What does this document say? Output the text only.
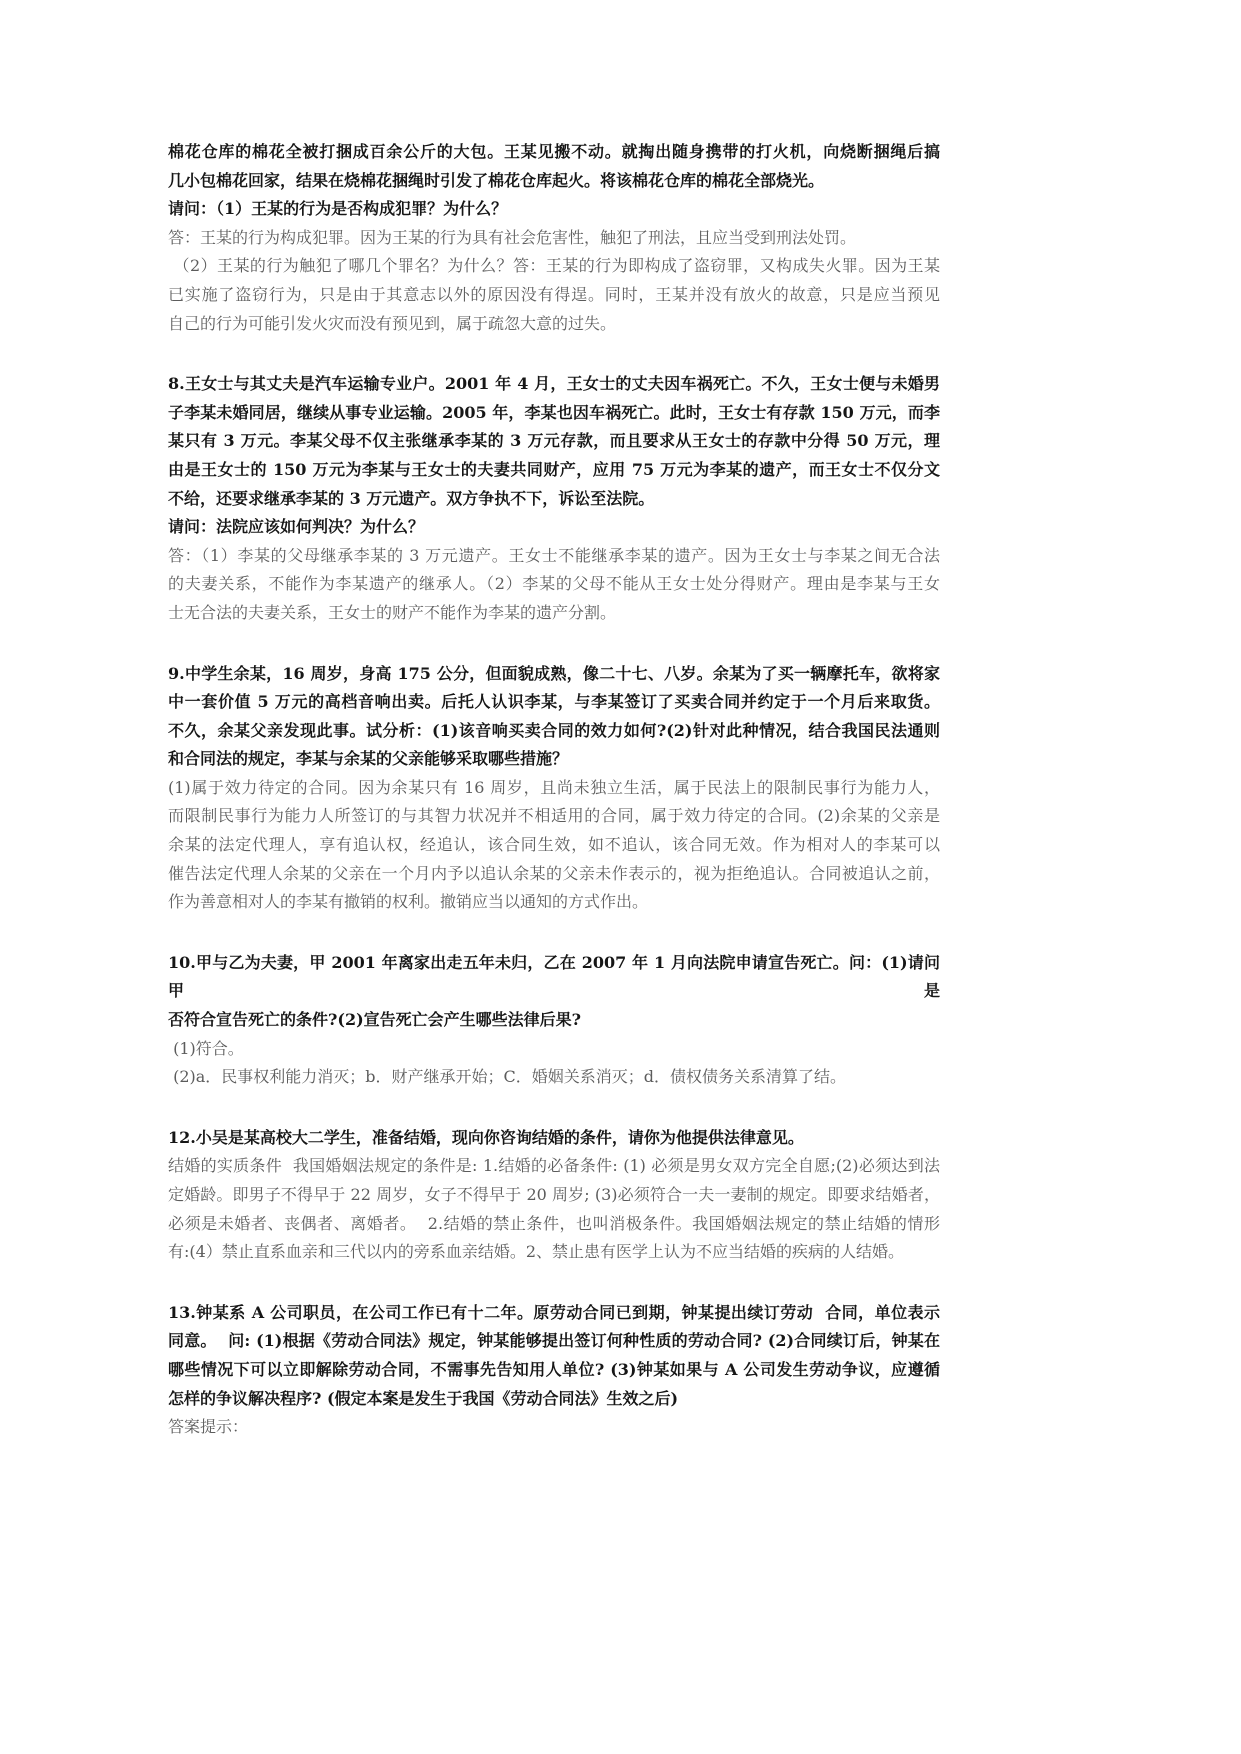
棉花仓库的棉花全被打捆成百余公斤的大包。王某见搬不动。就掏出随身携带的打火机，向烧断捆绳后搞
几小包棉花回家，结果在烧棉花捆绳时引发了棉花仓库起火。将该棉花仓库的棉花全部烧光。
请问：（1）王某的行为是否构成犯罪？为什么？
答：王某的行为构成犯罪。因为王某的行为具有社会危害性，触犯了刑法，且应当受到刑法处罚。
（2）王某的行为触犯了哪几个罪名？为什么？答：王某的行为即构成了盗窃罪，又构成失火罪。因为王某
已实施了盗窃行为，只是由于其意志以外的原因没有得逞。同时，王某并没有放火的故意，只是应当预见
自己的行为可能引发火灾而没有预见到，属于疏忽大意的过失。
8.王女士与其丈夫是汽车运输专业户。2001 年 4 月，王女士的丈夫因车祸死亡。不久，王女士便与未婚男
子李某未婚同居，继续从事专业运输。2005 年，李某也因车祸死亡。此时，王女士有存款 150 万元，而李
某只有 3 万元。李某父母不仅主张继承李某的 3 万元存款，而且要求从王女士的存款中分得 50 万元，理
由是王女士的 150 万元为李某与王女士的夫妻共同财产，应用 75 万元为李某的遗产，而王女士不仅分文
不给，还要求继承李某的 3 万元遗产。双方争执不下，诉讼至法院。
请问：法院应该如何判决？为什么？
答：（1）李某的父母继承李某的 3 万元遗产。王女士不能继承李某的遗产。因为王女士与李某之间无合法
的夫妻关系，不能作为李某遗产的继承人。（2）李某的父母不能从王女士处分得财产。理由是李某与王女
士无合法的夫妻关系，王女士的财产不能作为李某的遗产分割。
9.中学生余某，16 周岁，身高 175 公分，但面貌成熟，像二十七、八岁。余某为了买一辆摩托车，欲将家
中一套价值 5 万元的高档音响出卖。后托人认识李某，与李某签订了买卖合同并约定于一个月后来取货。
不久，余某父亲发现此事。试分析：(1)该音响买卖合同的效力如何?(2)针对此种情况，结合我国民法通则
和合同法的规定，李某与余某的父亲能够采取哪些措施？
(1)属于效力待定的合同。因为余某只有 16 周岁，且尚未独立生活，属于民法上的限制民事行为能力人，
而限制民事行为能力人所签订的与其智力状况并不相适用的合同，属于效力待定的合同。(2)余某的父亲是
余某的法定代理人，享有追认权，经追认，该合同生效，如不追认，该合同无效。作为相对人的李某可以
催告法定代理人余某的父亲在一个月内予以追认余某的父亲未作表示的，视为拒绝追认。合同被追认之前，
作为善意相对人的李某有撤销的权利。撤销应当以通知的方式作出。
10.甲与乙为夫妻，甲 2001 年离家出走五年未归，乙在 2007 年 1 月向法院申请宣告死亡。问：(1)请问甲是
否符合宣告死亡的条件?(2)宣告死亡会产生哪些法律后果?
(1)符合。
(2)a．民事权利能力消灭；b．财产继承开始；C．婚姻关系消灭；d．债权债务关系清算了结。
12.小吴是某高校大二学生，准备结婚，现向你咨询结婚的条件，请你为他提供法律意见。
结婚的实质条件  我国婚姻法规定的条件是: 1.结婚的必备条件: (1) 必须是男女双方完全自愿;(2)必须达到法
定婚龄。即男子不得早于 22 周岁，女子不得早于 20 周岁; (3)必须符合一夫一妻制的规定。即要求结婚者，
必须是未婚者、丧偶者、离婚者。  2.结婚的禁止条件，也叫消极条件。我国婚姻法规定的禁止结婚的情形
有:(4）禁止直系血亲和三代以内的旁系血亲结婚。2、禁止患有医学上认为不应当结婚的疾病的人结婚。
13.钟某系 A 公司职员，在公司工作已有十二年。原劳动合同已到期，钟某提出续订劳动  合同，单位表示
同意。  问: (1)根据《劳动合同法》规定，钟某能够提出签订何种性质的劳动合同? (2)合同续订后，钟某在
哪些情况下可以立即解除劳动合同，不需事先告知用人单位? (3)钟某如果与 A 公司发生劳动争议，应遵循
怎样的争议解决程序? (假定本案是发生于我国《劳动合同法》生效之后)
答案提示：
